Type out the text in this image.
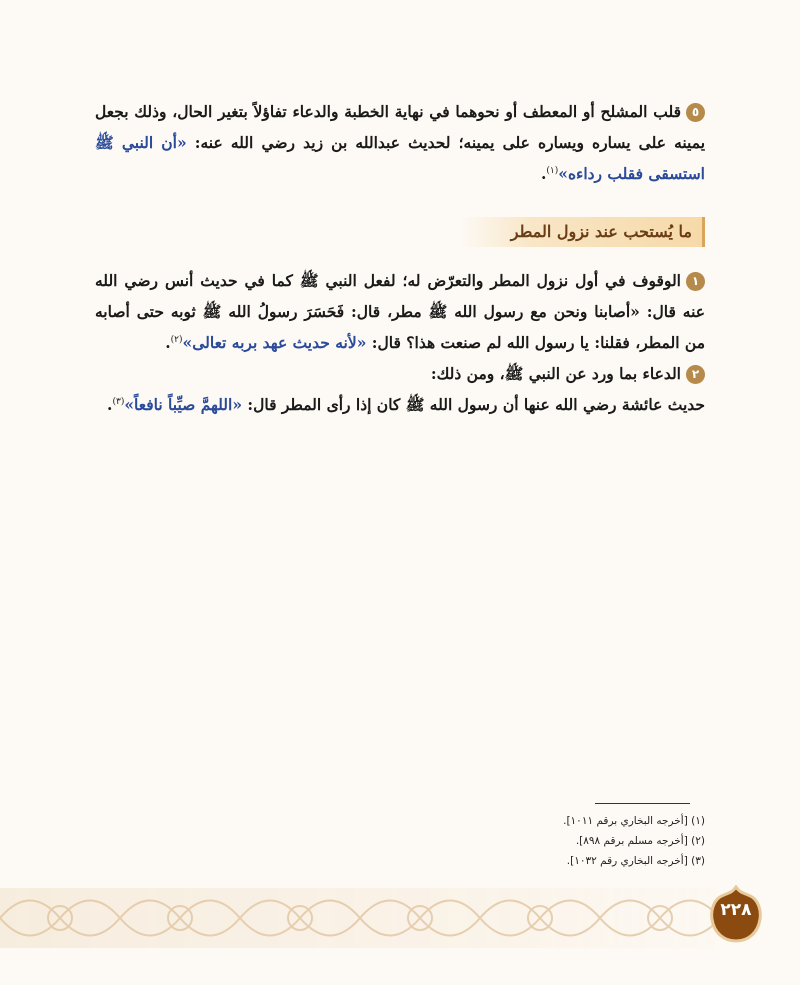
٥قلب المشلح أو المعطف أو نحوهما في نهاية الخطبة والدعاء تفاؤلاً بتغير الحال، وذلك بجعل يمينه على يساره ويساره على يمينه؛ لحديث عبدالله بن زيد رضي الله عنه: «أن النبي ﷺ استسقى فقلب رداءه»$^{(١)}$.

ما يُستحب عند نزول المطر

١الوقوف في أول نزول المطر والتعرّض له؛ لفعل النبي ﷺ كما في حديث أنس رضي الله عنه قال: «أصابنا ونحن مع رسول الله ﷺ مطر، قال: فَحَسَرَ رسولُ الله ﷺ ثوبه حتى أصابه من المطر، فقلنا: يا رسول الله لم صنعت هذا؟ قال: «لأنه حديث عهد بربه تعالى»$^{(٢)}$.

٢الدعاء بما ورد عن النبي ﷺ، ومن ذلك:
حديث عائشة رضي الله عنها أن رسول الله ﷺ كان إذا رأى المطر قال: «اللهمَّ صيِّباً نافعاً»$^{(٣)}$.

(١) [أخرجه البخاري برقم ١٠١١].
(٢) [أخرجه مسلم برقم ٨٩٨].
(٣) [أخرجه البخاري رقم ١٠٣٢].
٢٢٨
